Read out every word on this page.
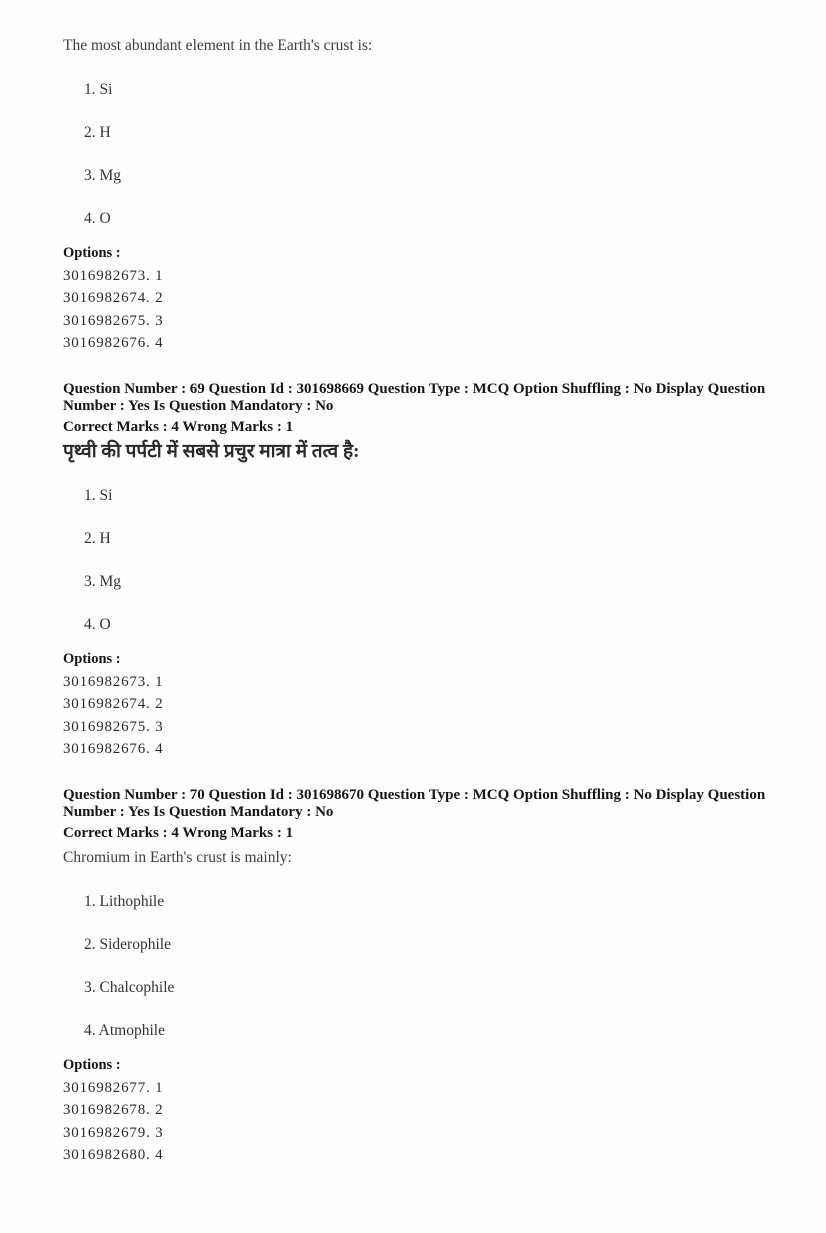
The most abundant element in the Earth's crust is:

1. Si
2. H
3. Mg
4. O

Options :

3016982673. 1

3016982674. 2

3016982675. 3

3016982676. 4

Question Number : 69 Question Id : 301698669 Question Type : MCQ Option Shuffling : No Display Question Number : Yes Is Question Mandatory : No

Correct Marks : 4 Wrong Marks : 1

पृथ्वी की पर्पटी में सबसे प्रचुर मात्रा में तत्व है:

1. Si
2. H
3. Mg
4. O

Options :

3016982673. 1

3016982674. 2

3016982675. 3

3016982676. 4

Question Number : 70 Question Id : 301698670 Question Type : MCQ Option Shuffling : No Display Question Number : Yes Is Question Mandatory : No

Correct Marks : 4 Wrong Marks : 1

Chromium in Earth's crust is mainly:

1. Lithophile
2. Siderophile
3. Chalcophile
4. Atmophile

Options :

3016982677. 1

3016982678. 2

3016982679. 3

3016982680. 4
